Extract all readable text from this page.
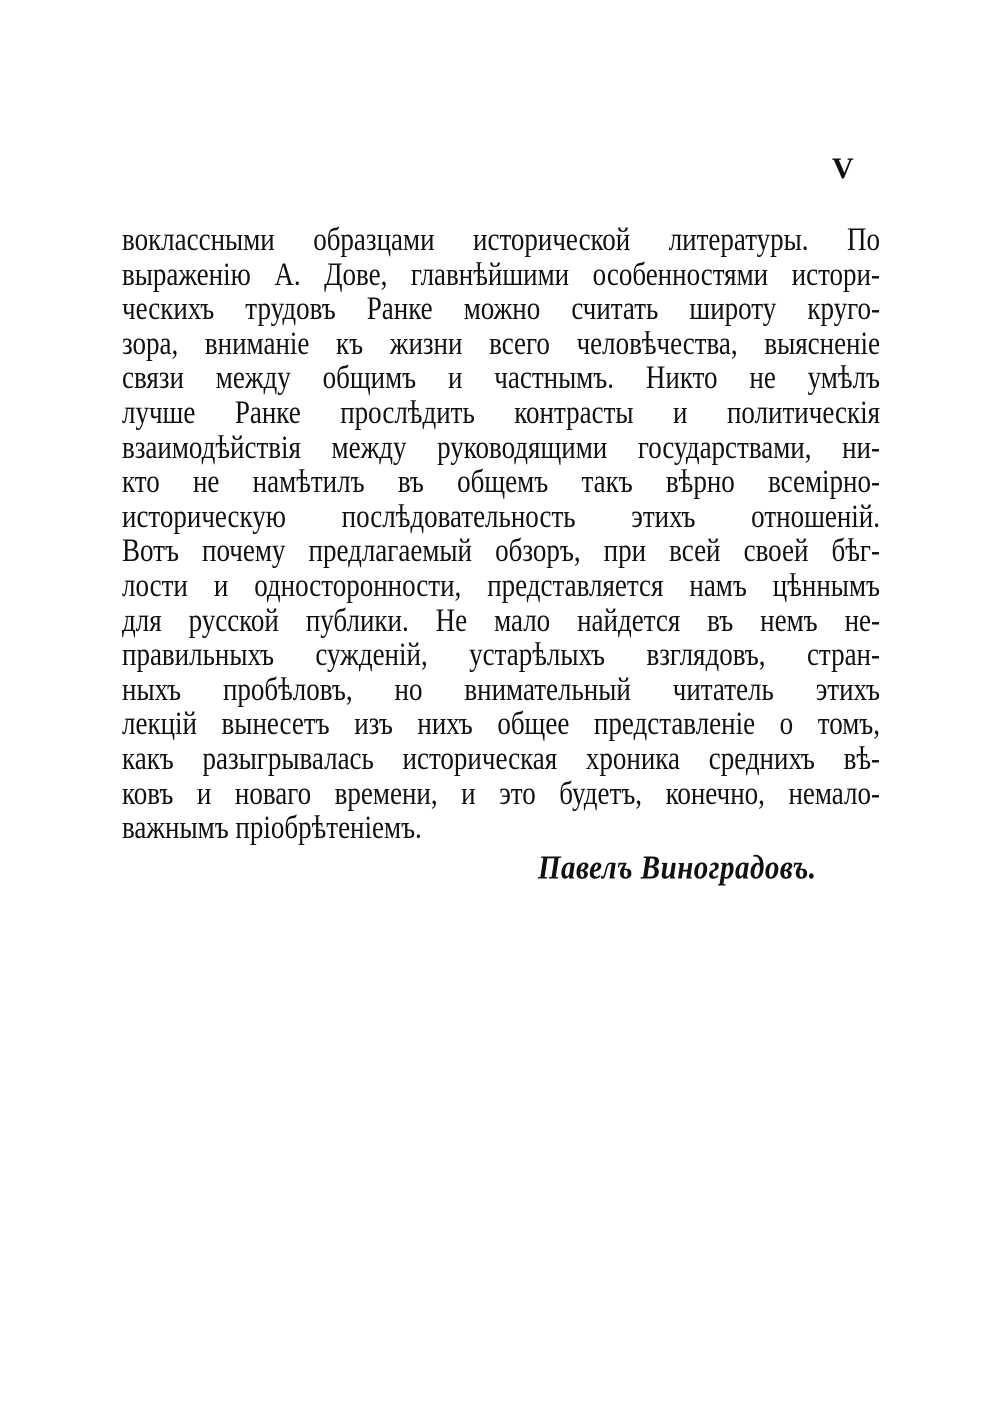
V
воклассными образцами исторической литературы. По
выраженію А. Дове, главнѣйшими особенностями истори-
ческихъ трудовъ Ранке можно считать широту круго-
зора, вниманіе къ жизни всего человѣчества, выясненіе
связи между общимъ и частнымъ. Никто не умѣлъ
лучше Ранке прослѣдить контрасты и политическія
взаимодѣйствія между руководящими государствами, ни-
кто не намѣтилъ въ общемъ такъ вѣрно всемірно-
историческую послѣдовательность этихъ отношеній.
Вотъ почему предлагаемый обзоръ, при всей своей бѣг-
лости и односторонности, представляется намъ цѣннымъ
для русской публики. Не мало найдется въ немъ не-
правильныхъ сужденій, устарѣлыхъ взглядовъ, стран-
ныхъ пробѣловъ, но внимательный читатель этихъ
лекцій вынесетъ изъ нихъ общее представленіе о томъ,
какъ разыгрывалась историческая хроника среднихъ вѣ-
ковъ и новаго времени, и это будетъ, конечно, немало-
важнымъ пріобрѣтеніемъ.
Павелъ Виноградовъ.
